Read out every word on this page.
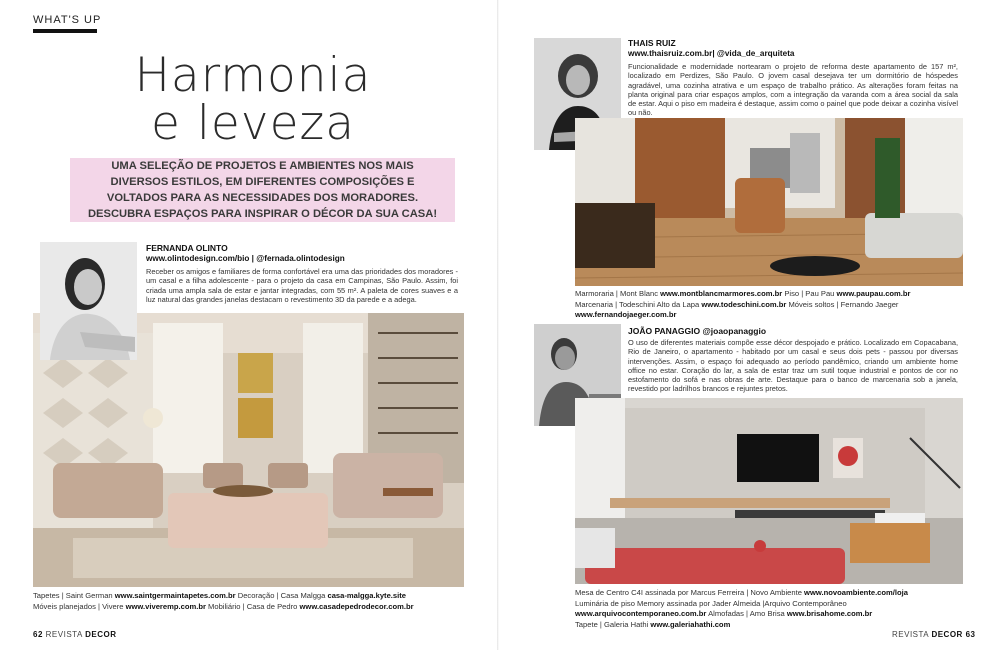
WHAT'S UP
Harmonia
e leveza
UMA SELEÇÃO DE PROJETOS E AMBIENTES NOS MAIS
DIVERSOS ESTILOS, EM DIFERENTES COMPOSIÇÕES E
VOLTADOS PARA AS NECESSIDADES DOS MORADORES.
DESCUBRA ESPAÇOS PARA INSPIRAR O DÉCOR DA SUA CASA!
FERNANDA OLINTO
www.olintodesign.com/bio | @fernada.olintodesign
Receber os amigos e familiares de forma confortável era uma das prioridades dos moradores - um casal e a filha adolescente - para o projeto da casa em Campinas, São Paulo. Assim, foi criada uma ampla sala de estar e jantar integradas, com 55 m². A paleta de cores suaves e a luz natural das grandes janelas destacam o revestimento 3D da parede e a adega.
Tapetes | Saint German www.saintgermaintapetes.com.br Decoração | Casa Malgga casa-malgga.kyte.site
Móveis planejados | Vivere www.viveremp.com.br Mobiliário | Casa de Pedro www.casadepedrodecor.com.br
62 REVISTA DECOR
THAIS RUIZ
www.thaisruiz.com.br| @vida_de_arquiteta
Funcionalidade e modernidade nortearam o projeto de reforma deste apartamento de 157 m², localizado em Perdizes, São Paulo. O jovem casal desejava ter um dormitório de hóspedes agradável, uma cozinha atrativa e um espaço de trabalho prático. As alterações foram feitas na planta original para criar espaços amplos, com a integração da varanda com a área social da sala de estar. Aqui o piso em madeira é destaque, assim como o painel que pode deixar a cozinha visível ou não.
Marmoraria | Mont Blanc www.montblancmarmores.com.br Piso | Pau Pau www.paupau.com.br
Marcenaria | Todeschini Alto da Lapa www.todeschini.com.br Móveis soltos | Fernando Jaeger
www.fernandojaeger.com.br
JOÃO PANAGGIO @joaopanaggio
O uso de diferentes materiais compõe esse décor despojado e prático. Localizado em Copacabana, Rio de Janeiro, o apartamento - habitado por um casal e seus dois pets - passou por diversas intervenções. Assim, o espaço foi adequado ao período pandêmico, criando um ambiente home office no estar. Coração do lar, a sala de estar traz um sutil toque industrial e pontos de cor no estofamento do sofá e nas obras de arte. Destaque para o banco de marcenaria sob a janela, revestido por ladrilhos brancos e rejuntes pretos.
Mesa de Centro C4I assinada por Marcus Ferreira | Novo Ambiente www.novoambiente.com/loja
Luminária de piso Memory assinada por Jader Almeida |Arquivo Contemporâneo
www.arquivocontemporaneo.com.br Almofadas | Amo Brisa www.brisahome.com.br
Tapete | Galeria Hathi www.galeriahathi.com
REVISTA DECOR 63
